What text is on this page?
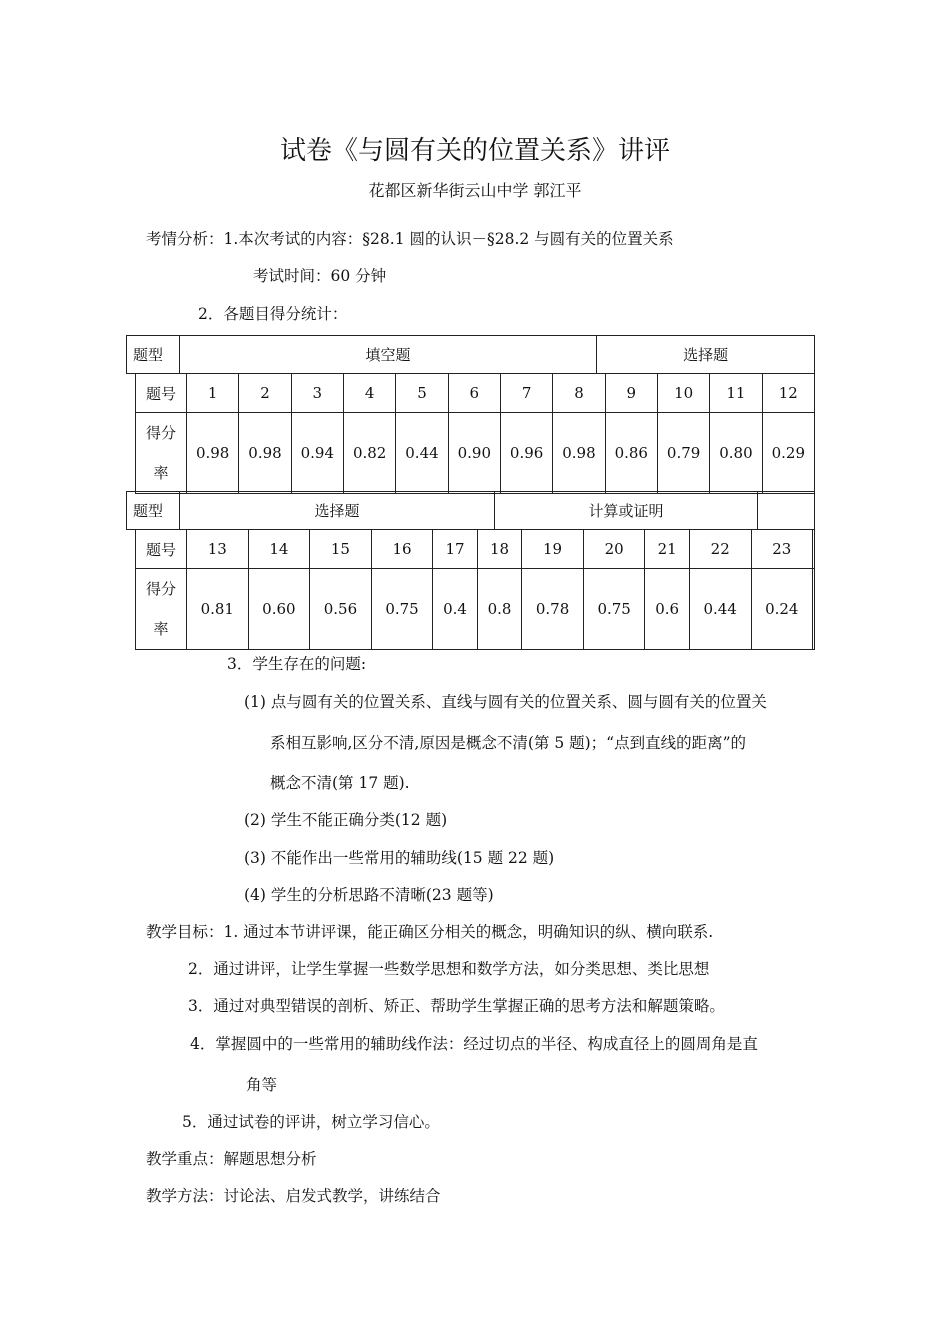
试卷《与圆有关的位置关系》讲评
花都区新华街云山中学 郭江平
考情分析：1.本次考试的内容：§28.1 圆的认识－§28.2 与圆有关的位置关系
考试时间：60 分钟
2．各题目得分统计：
题型	填空题	选择题
题号	1	2	3	4	5	6	7	8	9	10	11	12

得分
率	0.98	0.98	0.94	0.82	0.44	0.90	0.96	0.98	0.86	0.79	0.80	0.29
题型	选择题	计算或证明	
题号	13	14	15	16	17	18	19	20	21	22	23	

得分
率	0.81	0.60	0.56	0.75	0.4	0.8	0.78	0.75	0.6	0.44	0.24	
3．学生存在的问题:
(1) 点与圆有关的位置关系、直线与圆有关的位置关系、圆与圆有关的位置关
系相互影响,区分不清,原因是概念不清(第 5 题)；“点到直线的距离”的
概念不清(第 17 题).
(2) 学生不能正确分类(12 题)
(3) 不能作出一些常用的辅助线(15 题 22 题)
(4) 学生的分析思路不清晰(23 题等)
教学目标：1. 通过本节讲评课，能正确区分相关的概念，明确知识的纵、横向联系.
2．通过讲评，让学生掌握一些数学思想和数学方法，如分类思想、类比思想
3．通过对典型错误的剖析、矫正、帮助学生掌握正确的思考方法和解题策略。
4．掌握圆中的一些常用的辅助线作法：经过切点的半径、构成直径上的圆周角是直
角等
5．通过试卷的评讲，树立学习信心。
教学重点：解题思想分析
教学方法：讨论法、启发式教学，讲练结合
